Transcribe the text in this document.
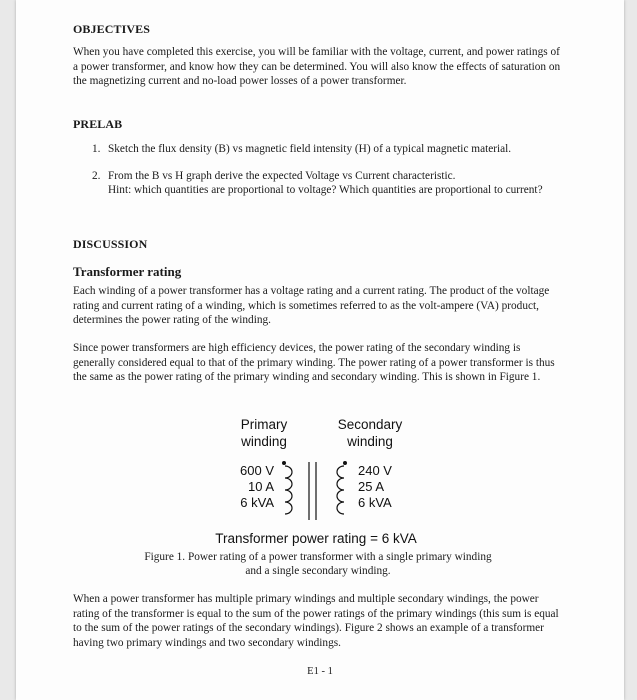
OBJECTIVES
When you have completed this exercise, you will be familiar with the voltage, current, and power ratings of a power transformer, and know how they can be determined. You will also know the effects of saturation on the magnetizing current and no-load power losses of a power transformer.
PRELAB
1. Sketch the flux density (B) vs magnetic field intensity (H) of a typical magnetic material.
2. From the B vs H graph derive the expected Voltage vs Current characteristic.
Hint: which quantities are proportional to voltage? Which quantities are proportional to current?
DISCUSSION
Transformer rating
Each winding of a power transformer has a voltage rating and a current rating. The product of the voltage rating and current rating of a winding, which is sometimes referred to as the volt-ampere (VA) product, determines the power rating of the winding.
Since power transformers are high efficiency devices, the power rating of the secondary winding is generally considered equal to that of the primary winding. The power rating of a power transformer is thus the same as the power rating of the primary winding and secondary winding. This is shown in Figure 1.
Primary
winding
Secondary
winding
600 V
10 A
6 kVA
240 V
25 A
6 kVA
Transformer power rating = 6 kVA
Figure 1. Power rating of a power transformer with a single primary winding
and a single secondary winding.
When a power transformer has multiple primary windings and multiple secondary windings, the power rating of the transformer is equal to the sum of the power ratings of the primary windings (this sum is equal to the sum of the power ratings of the secondary windings). Figure 2 shows an example of a transformer having two primary windings and two secondary windings.
E1 - 1
